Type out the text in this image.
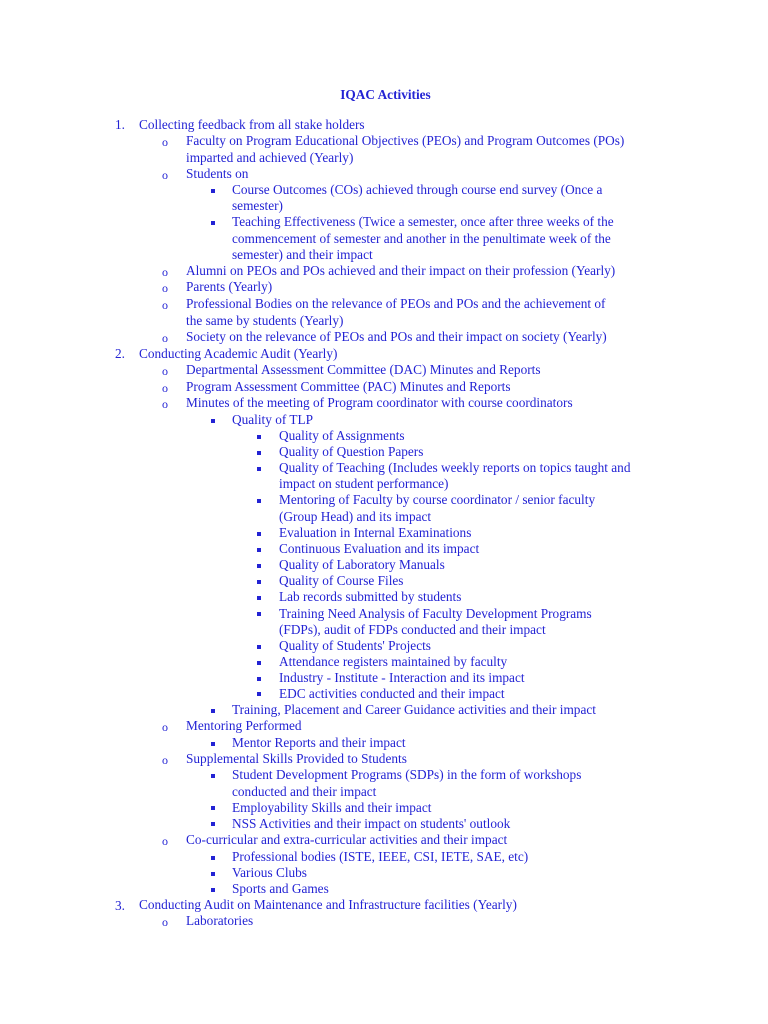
IQAC Activities
1.
2.
3.
o
o
o
o
o
o
o
o
o
o
o
o
o
Collecting feedback from all stake holders
Faculty on Program Educational Objectives (PEOs) and Program Outcomes (POs)
imparted and achieved (Yearly)
Students on
Course Outcomes (COs) achieved through course end survey (Once a
semester)
Teaching Effectiveness (Twice a semester, once after three weeks of the
commencement of semester and another in the penultimate week of the
semester) and their impact
Alumni on PEOs and POs achieved and their impact on their profession (Yearly)
Parents (Yearly)
Professional Bodies on the relevance of PEOs and POs and the achievement of
the same by students (Yearly)
Society on the relevance of PEOs and POs and their impact on society (Yearly)
Conducting Academic Audit (Yearly)
Departmental Assessment Committee (DAC) Minutes and Reports
Program Assessment Committee (PAC) Minutes and Reports
Minutes of the meeting of Program coordinator with course coordinators
Quality of TLP
Quality of Assignments
Quality of Question Papers
Quality of Teaching (Includes weekly reports on topics taught and
impact on student performance)
Mentoring of Faculty by course coordinator / senior faculty
(Group Head) and its impact
Evaluation in Internal Examinations
Continuous Evaluation and its impact
Quality of Laboratory Manuals
Quality of Course Files
Lab records submitted by students
Training Need Analysis of Faculty Development Programs
(FDPs), audit of FDPs conducted and their impact
Quality of Students' Projects
Attendance registers maintained by faculty
Industry - Institute - Interaction and its impact
EDC activities conducted and their impact
Training, Placement and Career Guidance activities and their impact
Mentoring Performed
Mentor Reports and their impact
Supplemental Skills Provided to Students
Student Development Programs (SDPs) in the form of workshops
conducted and their impact
Employability Skills and their impact
NSS Activities and their impact on students' outlook
Co-curricular and extra-curricular activities and their impact
Professional bodies (ISTE, IEEE, CSI, IETE, SAE, etc)
Various Clubs
Sports and Games
Conducting Audit on Maintenance and Infrastructure facilities (Yearly)
Laboratories
